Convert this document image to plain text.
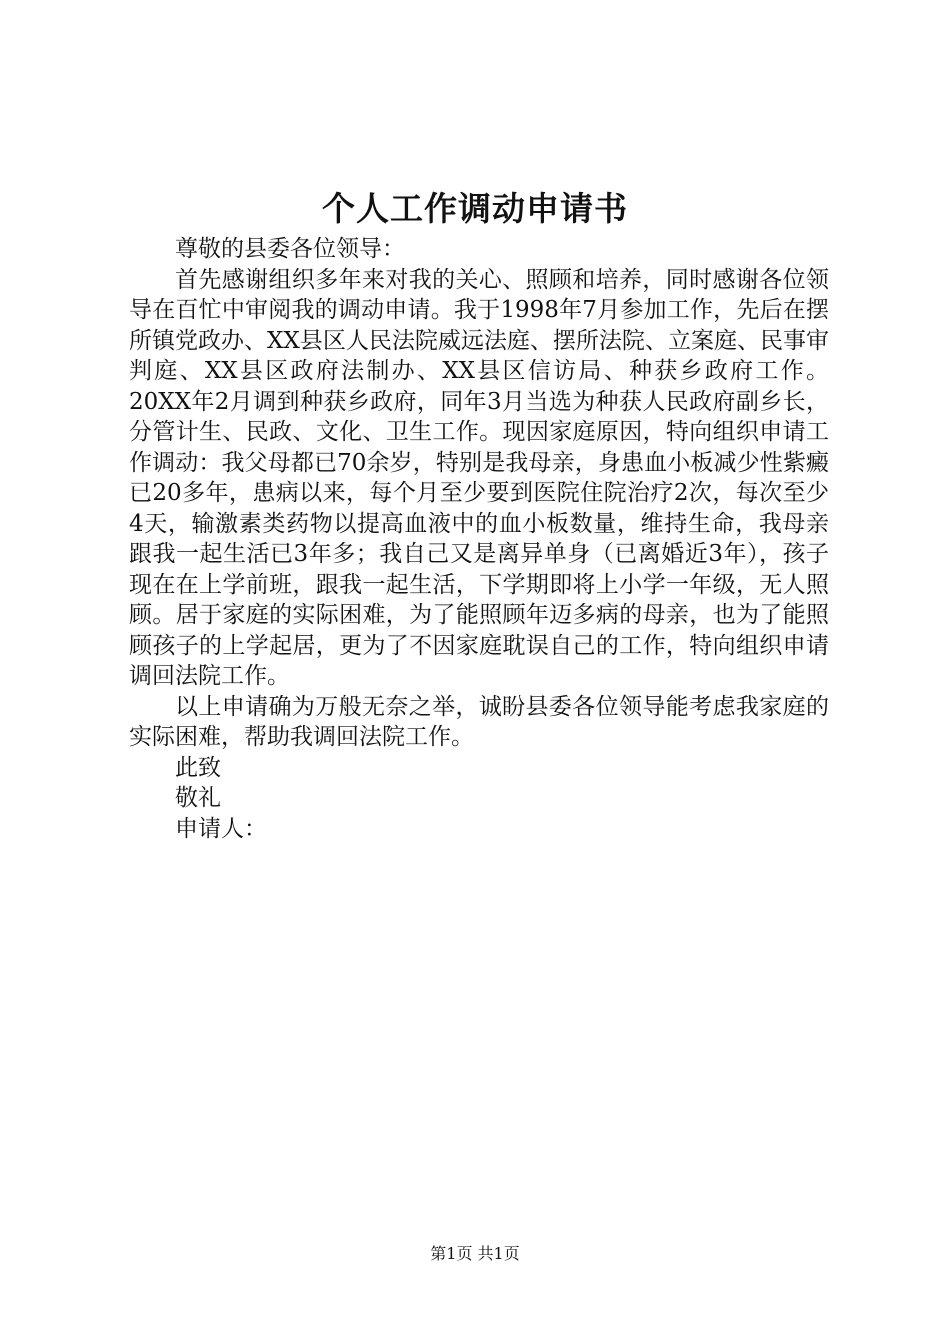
个人工作调动申请书

尊敬的县委各位领导：

首先感谢组织多年来对我的关心、照顾和培养，同时感谢各位领导在百忙中审阅我的调动申请。我于1998年7月参加工作，先后在摆所镇党政办、XX县区人民法院威远法庭、摆所法院、立案庭、民事审判庭、XX县区政府法制办、XX县区信访局、种获乡政府工作。20XX年2月调到种获乡政府，同年3月当选为种获人民政府副乡长，分管计生、民政、文化、卫生工作。现因家庭原因，特向组织申请工作调动：我父母都已70余岁，特别是我母亲，身患血小板减少性紫癜已20多年，患病以来，每个月至少要到医院住院治疗2次，每次至少4天，输激素类药物以提高血液中的血小板数量，维持生命，我母亲跟我一起生活已3年多；我自己又是离异单身（已离婚近3年），孩子现在在上学前班，跟我一起生活，下学期即将上小学一年级，无人照顾。居于家庭的实际困难，为了能照顾年迈多病的母亲，也为了能照顾孩子的上学起居，更为了不因家庭耽误自己的工作，特向组织申请调回法院工作。

以上申请确为万般无奈之举，诚盼县委各位领导能考虑我家庭的实际困难，帮助我调回法院工作。

此致

敬礼

申请人：

第1页 共1页
